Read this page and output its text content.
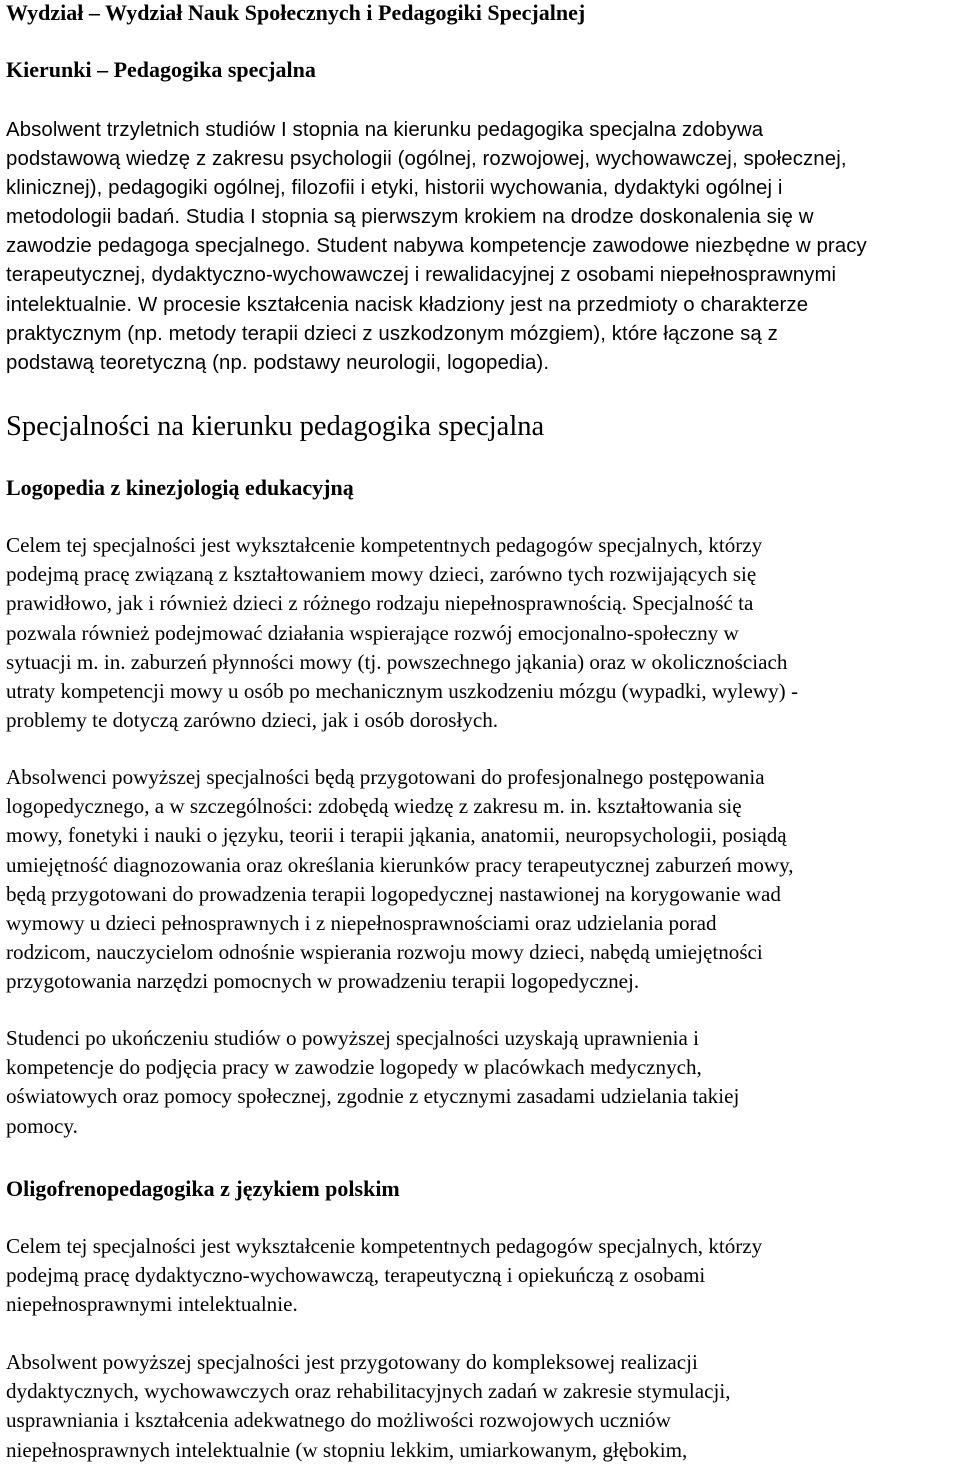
Wydział – Wydział Nauk Społecznych i Pedagogiki Specjalnej
Kierunki – Pedagogika specjalna
Absolwent trzyletnich studiów I stopnia na kierunku pedagogika specjalna zdobywa
podstawową wiedzę z zakresu psychologii (ogólnej, rozwojowej, wychowawczej, społecznej,
klinicznej), pedagogiki ogólnej, filozofii i etyki, historii wychowania, dydaktyki ogólnej i
metodologii badań. Studia I stopnia są pierwszym krokiem na drodze doskonalenia się w
zawodzie pedagoga specjalnego. Student nabywa kompetencje zawodowe niezbędne w pracy
terapeutycznej, dydaktyczno-wychowawczej i rewalidacyjnej z osobami niepełnosprawnymi
intelektualnie. W procesie kształcenia nacisk kładziony jest na przedmioty o charakterze
praktycznym (np. metody terapii dzieci z uszkodzonym mózgiem), które łączone są z
podstawą teoretyczną (np. podstawy neurologii, logopedia).
Specjalności na kierunku pedagogika specjalna
Logopedia z kinezjologią edukacyjną
Celem tej specjalności jest wykształcenie kompetentnych pedagogów specjalnych, którzy
podejmą pracę związaną z kształtowaniem mowy dzieci, zarówno tych rozwijających się
prawidłowo, jak i również dzieci z różnego rodzaju niepełnosprawnością. Specjalność ta
pozwala również podejmować działania wspierające rozwój emocjonalno-społeczny w
sytuacji m. in. zaburzeń płynności mowy (tj. powszechnego jąkania) oraz w okolicznościach
utraty kompetencji mowy u osób po mechanicznym uszkodzeniu mózgu (wypadki, wylewy) -
problemy te dotyczą zarówno dzieci, jak i osób dorosłych.
Absolwenci powyższej specjalności będą przygotowani do profesjonalnego postępowania
logopedycznego, a w szczególności: zdobędą wiedzę z zakresu m. in. kształtowania się
mowy, fonetyki i nauki o języku, teorii i terapii jąkania, anatomii, neuropsychologii, posiądą
umiejętność diagnozowania oraz określania kierunków pracy terapeutycznej zaburzeń mowy,
będą przygotowani do prowadzenia terapii logopedycznej nastawionej na korygowanie wad
wymowy u dzieci pełnosprawnych i z niepełnosprawnościami oraz udzielania porad
rodzicom, nauczycielom odnośnie wspierania rozwoju mowy dzieci, nabędą umiejętności
przygotowania narzędzi pomocnych w prowadzeniu terapii logopedycznej.
Studenci po ukończeniu studiów o powyższej specjalności uzyskają uprawnienia i
kompetencje do podjęcia pracy w zawodzie logopedy w placówkach medycznych,
oświatowych oraz pomocy społecznej, zgodnie z etycznymi zasadami udzielania takiej
pomocy.
Oligofrenopedagogika z językiem polskim
Celem tej specjalności jest wykształcenie kompetentnych pedagogów specjalnych, którzy
podejmą pracę dydaktyczno-wychowawczą, terapeutyczną i opiekuńczą z osobami
niepełnosprawnymi intelektualnie.
Absolwent powyższej specjalności jest przygotowany do kompleksowej realizacji
dydaktycznych, wychowawczych oraz rehabilitacyjnych zadań w zakresie stymulacji,
usprawniania i kształcenia adekwatnego do możliwości rozwojowych uczniów
niepełnosprawnych intelektualnie (w stopniu lekkim, umiarkowanym, głębokim,
